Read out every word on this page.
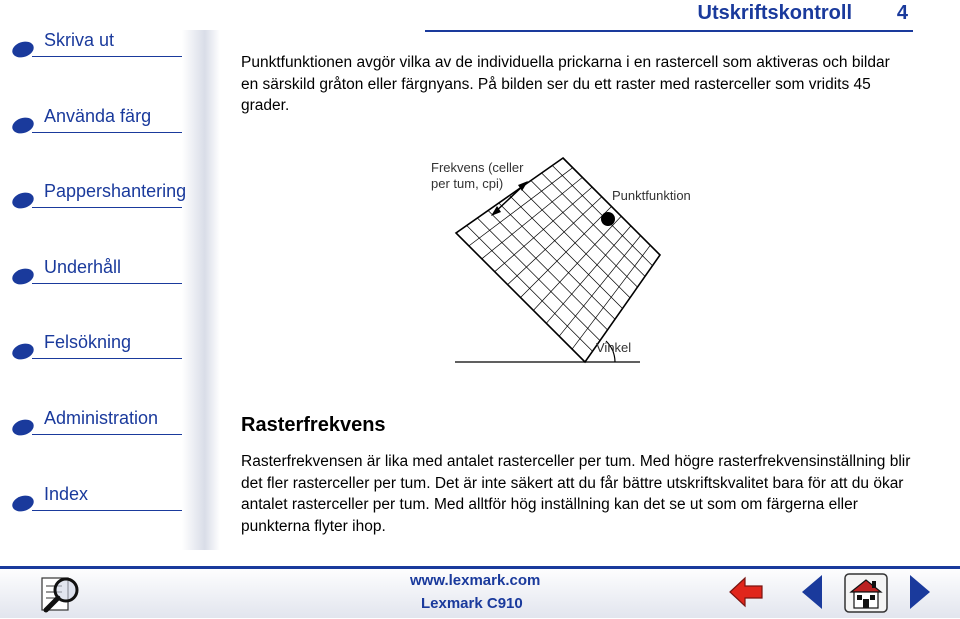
Utskriftskontroll 4
Skriva ut
Använda färg
Pappershantering
Underhåll
Felsökning
Administration
Index

Punktfunktionen avgör vilka av de individuella prickarna i en rastercell som aktiveras och bildar en särskild gråton eller färgnyans. På bilden ser du ett raster med rasterceller som vridits 45 grader.

Frekvens (celler
per tum, cpi)
Punktfunktion
Vinkel
Rasterfrekvens

Rasterfrekvensen är lika med antalet rasterceller per tum. Med högre rasterfrekvensinställning blir det fler rasterceller per tum. Det är inte säkert att du får bättre utskriftskvalitet bara för att du ökar antalet rasterceller per tum. Med alltför hög inställning kan det se ut som om färgerna eller punkterna flyter ihop.

www.lexmark.com
Lexmark C910
